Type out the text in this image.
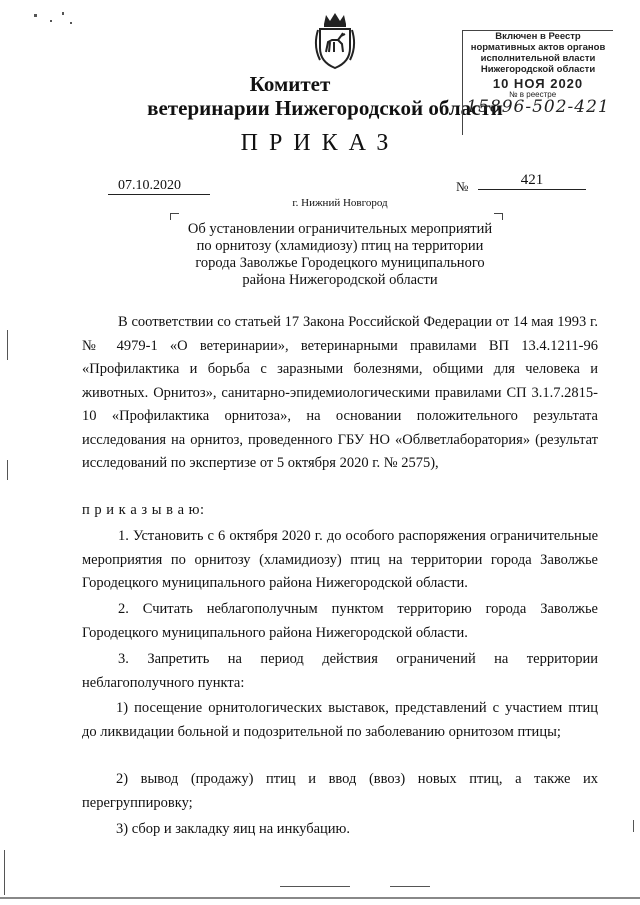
Комитет
ветеринарии Нижегородской области
ПРИКАЗ
Включен в Реестр
нормативных актов органов
исполнительной власти
Нижегородской области
10 НОЯ 2020
№ в реестре
15896-502-421
07.10.2020	№	421
г. Нижний Новгород
Об установлении ограничительных мероприятий
по орнитозу (хламидиозу) птиц на территории
города Заволжье Городецкого муниципального
района Нижегородской области
В соответствии со статьей 17 Закона Российской Федерации от 14 мая 1993 г. № 4979-1 «О ветеринарии», ветеринарными правилами ВП 13.4.1211-96 «Профилактика и борьба с заразными болезнями, общими для человека и животных. Орнитоз», санитарно-эпидемиологическими правилами СП 3.1.7.2815-10 «Профилактика орнитоза», на основании положительного результата исследования на орнитоз, проведенного ГБУ НО «Облветлаборатория» (результат исследований по экспертизе от 5 октября 2020 г. № 2575),
п р и к а з ы в а ю:
1. Установить с 6 октября 2020 г. до особого распоряжения ограничительные мероприятия по орнитозу (хламидиозу) птиц на территории города Заволжье Городецкого муниципального района Нижегородской области.
2. Считать неблагополучным пунктом территорию города Заволжье Городецкого муниципального района Нижегородской области.
3. Запретить на период действия ограничений на территории неблагополучного пункта:
1) посещение орнитологических выставок, представлений с участием птиц до ликвидации больной и подозрительной по заболеванию орнитозом птицы;
2) вывод (продажу) птиц и ввод (ввоз) новых птиц, а также их перегруппировку;
3) сбор и закладку яиц на инкубацию.
